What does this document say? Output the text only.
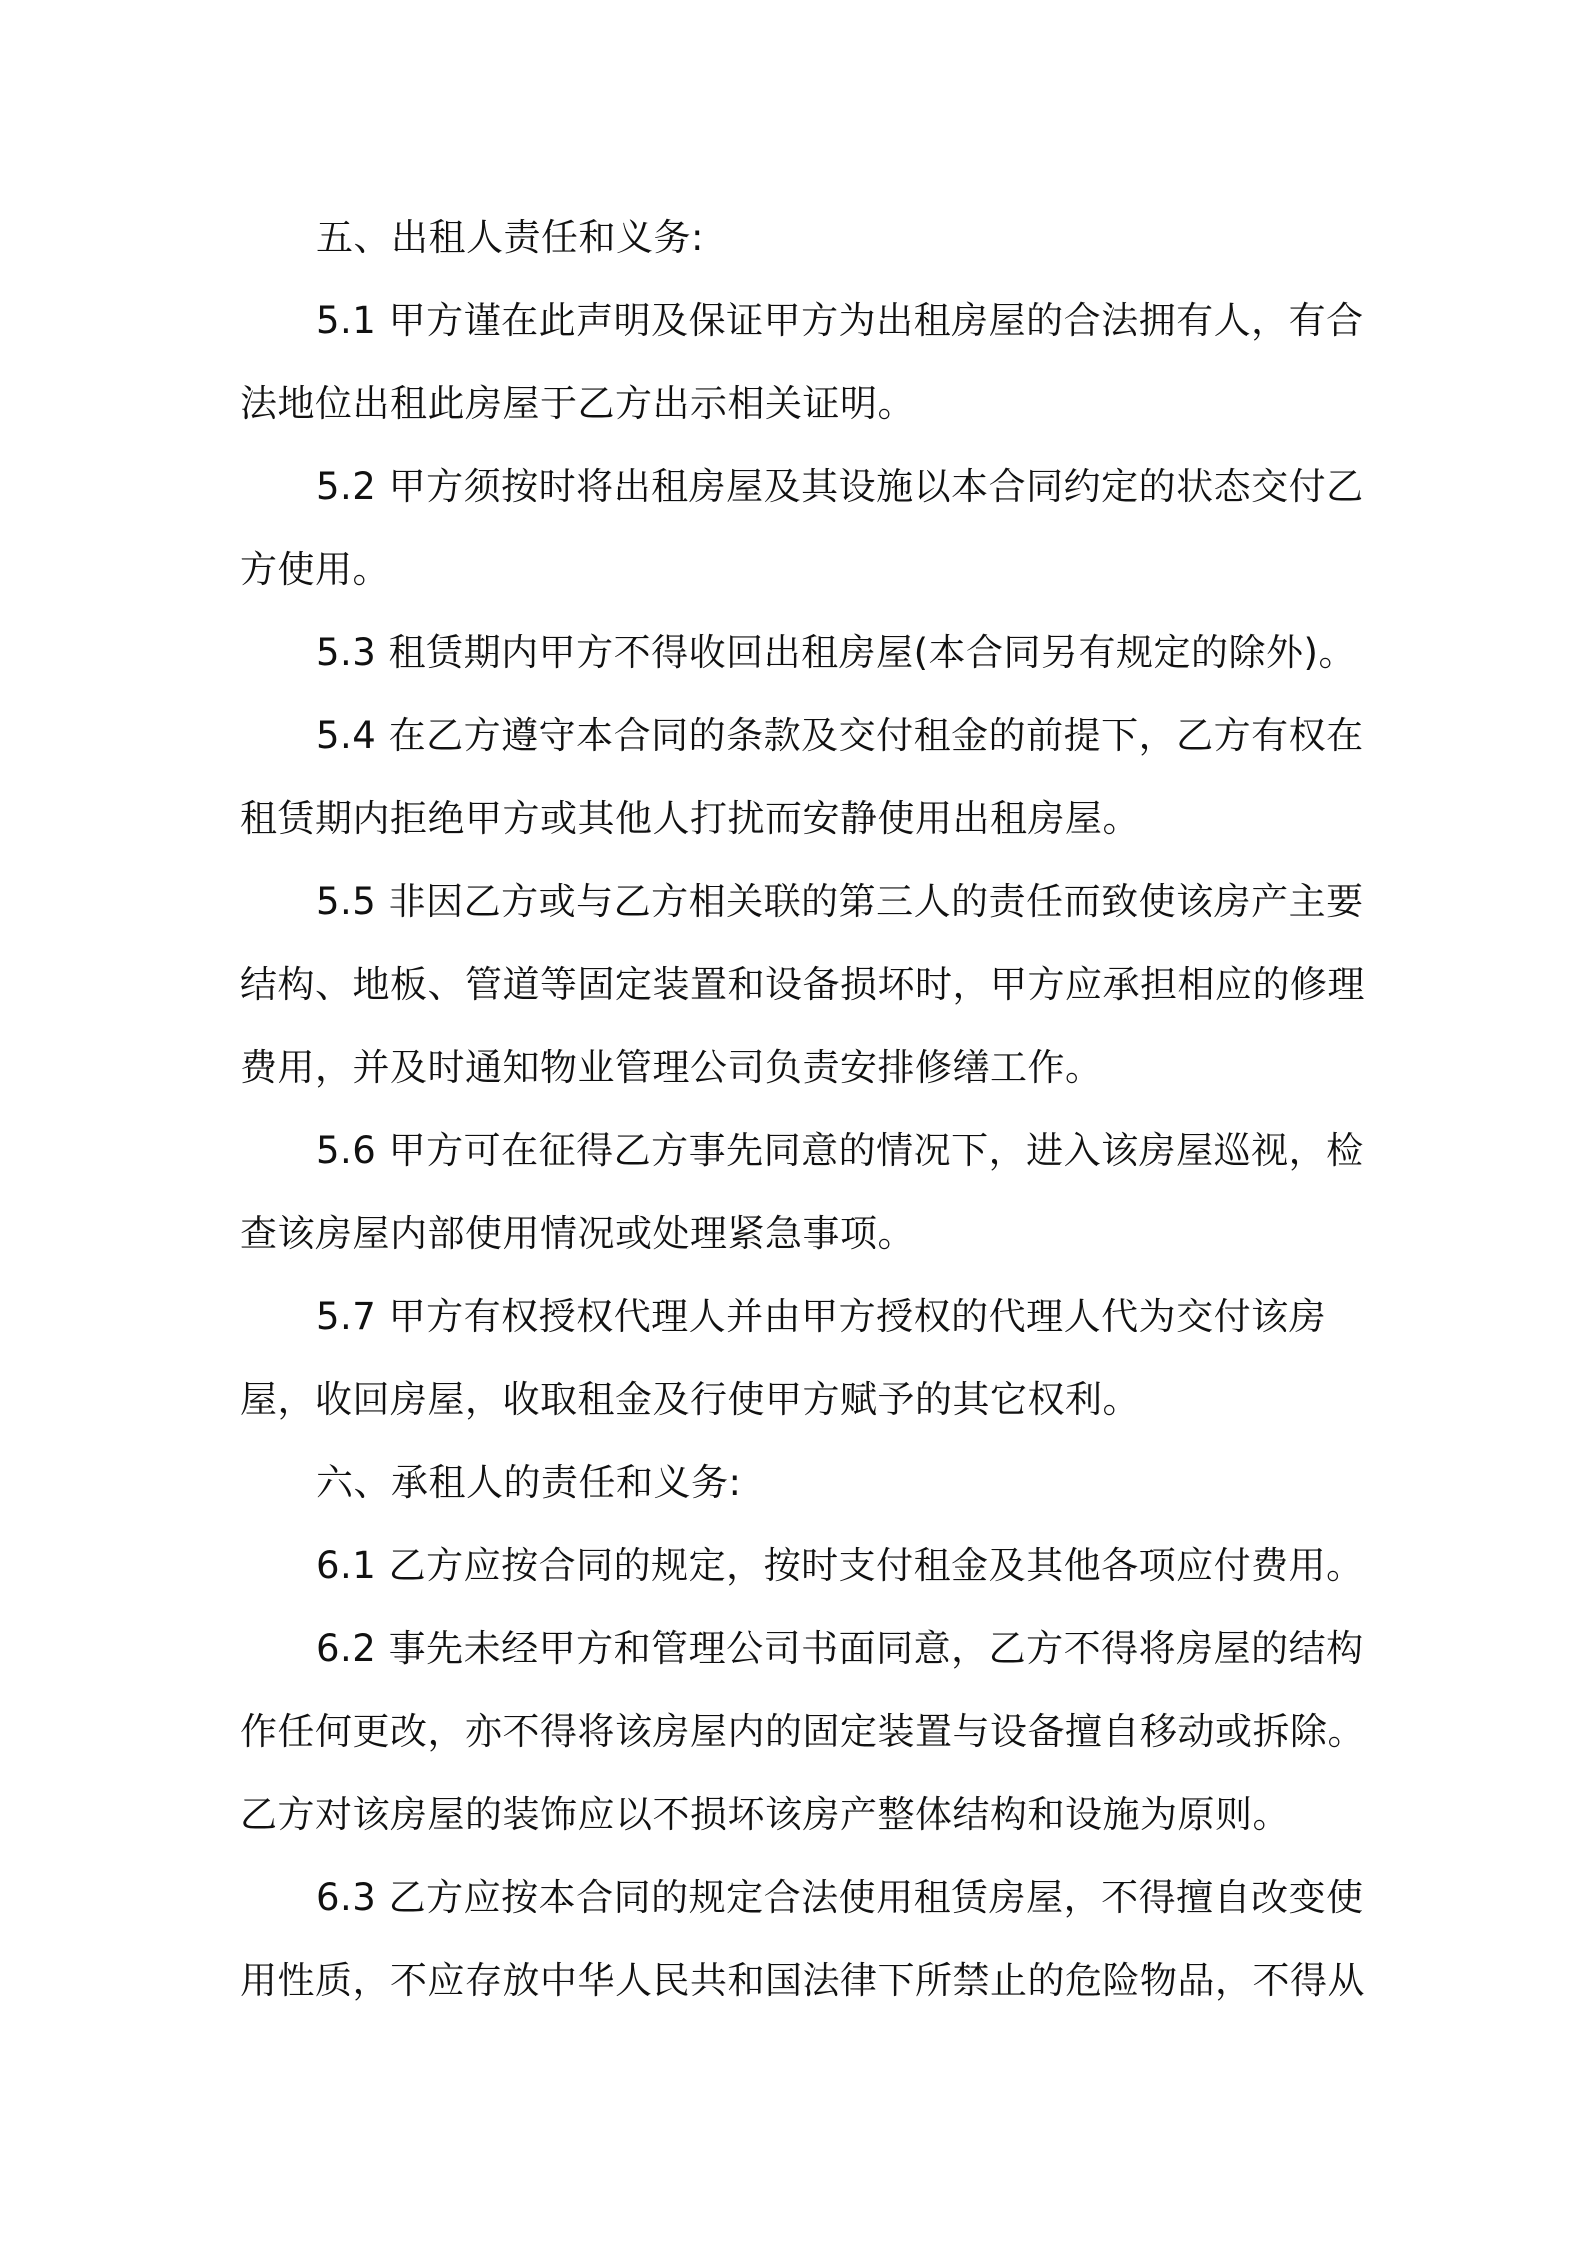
五、出租人责任和义务:

5.1 甲方谨在此声明及保证甲方为出租房屋的合法拥有人，有合法地位出租此房屋于乙方出示相关证明。

5.2 甲方须按时将出租房屋及其设施以本合同约定的状态交付乙方使用。

5.3 租赁期内甲方不得收回出租房屋(本合同另有规定的除外)。

5.4 在乙方遵守本合同的条款及交付租金的前提下，乙方有权在租赁期内拒绝甲方或其他人打扰而安静使用出租房屋。

5.5 非因乙方或与乙方相关联的第三人的责任而致使该房产主要结构、地板、管道等固定装置和设备损坏时，甲方应承担相应的修理费用，并及时通知物业管理公司负责安排修缮工作。

5.6 甲方可在征得乙方事先同意的情况下，进入该房屋巡视，检查该房屋内部使用情况或处理紧急事项。

5.7 甲方有权授权代理人并由甲方授权的代理人代为交付该房屋，收回房屋，收取租金及行使甲方赋予的其它权利。

六、承租人的责任和义务:

6.1 乙方应按合同的规定，按时支付租金及其他各项应付费用。

6.2 事先未经甲方和管理公司书面同意，乙方不得将房屋的结构作任何更改，亦不得将该房屋内的固定装置与设备擅自移动或拆除。乙方对该房屋的装饰应以不损坏该房产整体结构和设施为原则。

6.3 乙方应按本合同的规定合法使用租赁房屋，不得擅自改变使用性质，不应存放中华人民共和国法律下所禁止的危险物品，不得从
